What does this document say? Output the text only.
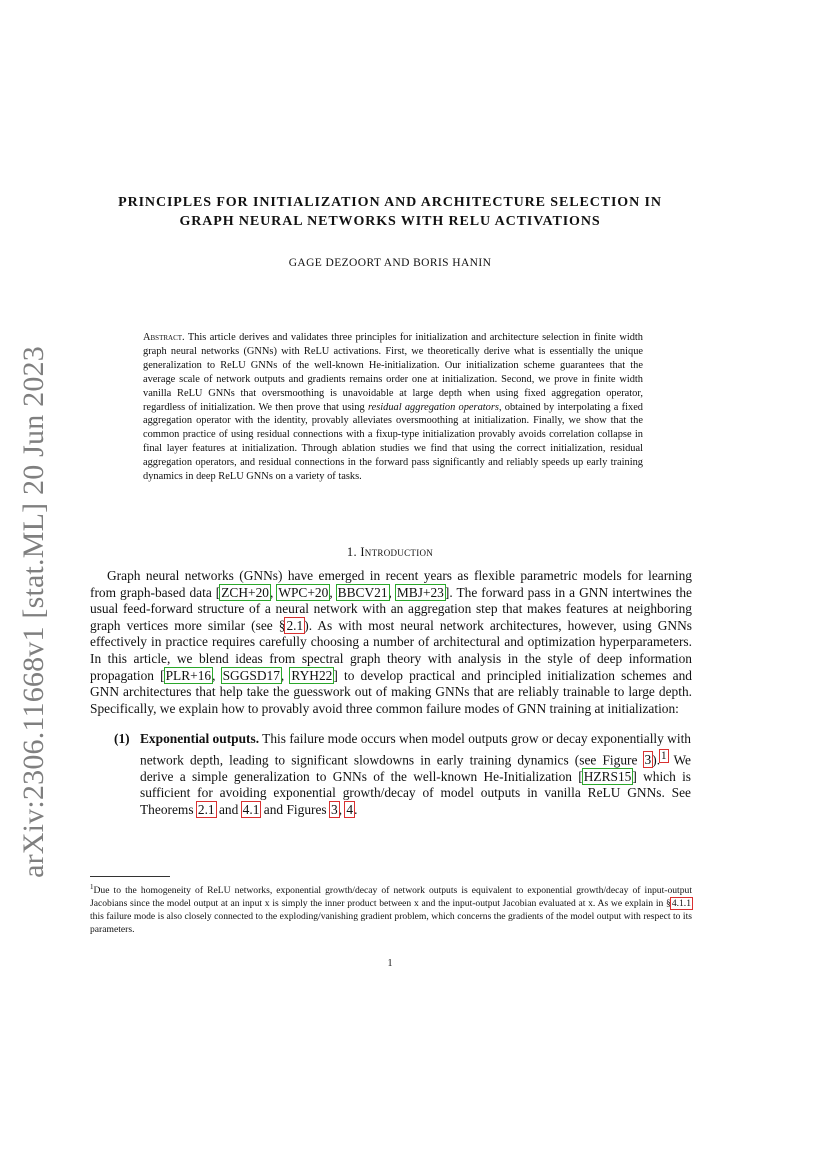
arXiv:2306.11668v1 [stat.ML] 20 Jun 2023
PRINCIPLES FOR INITIALIZATION AND ARCHITECTURE SELECTION IN GRAPH NEURAL NETWORKS WITH RELU ACTIVATIONS
GAGE DEZOORT AND BORIS HANIN
Abstract. This article derives and validates three principles for initialization and architecture selection in finite width graph neural networks (GNNs) with ReLU activations. First, we theoretically derive what is essentially the unique generalization to ReLU GNNs of the well-known He-initialization. Our initialization scheme guarantees that the average scale of network outputs and gradients remains order one at initialization. Second, we prove in finite width vanilla ReLU GNNs that oversmoothing is unavoidable at large depth when using fixed aggregation operator, regardless of initialization. We then prove that using residual aggregation operators, obtained by interpolating a fixed aggregation operator with the identity, provably alleviates oversmoothing at initialization. Finally, we show that the common practice of using residual connections with a fixup-type initialization provably avoids correlation collapse in final layer features at initialization. Through ablation studies we find that using the correct initialization, residual aggregation operators, and residual connections in the forward pass significantly and reliably speeds up early training dynamics in deep ReLU GNNs on a variety of tasks.
1. Introduction
Graph neural networks (GNNs) have emerged in recent years as flexible parametric models for learning from graph-based data [ZCH+20, WPC+20, BBCV21, MBJ+23]. The forward pass in a GNN intertwines the usual feed-forward structure of a neural network with an aggregation step that makes features at neighboring graph vertices more similar (see §2.1). As with most neural network architectures, however, using GNNs effectively in practice requires carefully choosing a number of architectural and optimization hyperparameters. In this article, we blend ideas from spectral graph theory with analysis in the style of deep information propagation [PLR+16, SGGSD17, RYH22] to develop practical and principled initialization schemes and GNN architectures that help take the guesswork out of making GNNs that are reliably trainable to large depth. Specifically, we explain how to provably avoid three common failure modes of GNN training at initialization:
(1) Exponential outputs. This failure mode occurs when model outputs grow or decay exponentially with network depth, leading to significant slowdowns in early training dynamics (see Figure 3).$^1$ We derive a simple generalization to GNNs of the well-known He-Initialization [HZRS15] which is sufficient for avoiding exponential growth/decay of model outputs in vanilla ReLU GNNs. See Theorems 2.1 and 4.1 and Figures 3, 4.
$^1$Due to the homogeneity of ReLU networks, exponential growth/decay of network outputs is equivalent to exponential growth/decay of input-output Jacobians since the model output at an input x is simply the inner product between x and the input-output Jacobian evaluated at x. As we explain in §4.1.1 this failure mode is also closely connected to the exploding/vanishing gradient problem, which concerns the gradients of the model output with respect to its parameters.
1
